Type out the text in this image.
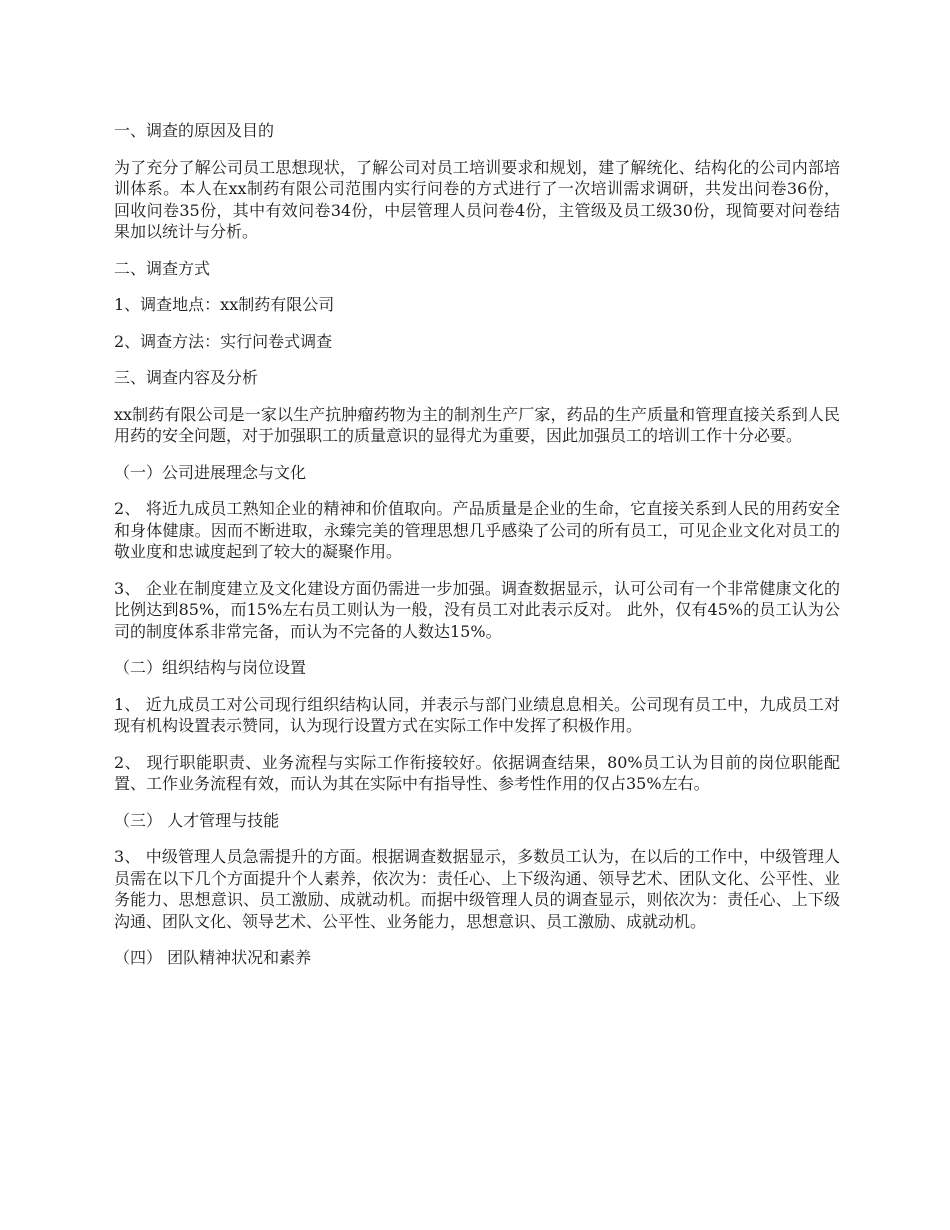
一、调查的原因及目的

为了充分了解公司员工思想现状，了解公司对员工培训要求和规划，建了解统化、结构化的公司内部培训体系。本人在xx制药有限公司范围内实行问卷的方式进行了一次培训需求调研，共发出问卷36份，回收问卷35份，其中有效问卷34份，中层管理人员问卷4份，主管级及员工级30份，现简要对问卷结果加以统计与分析。

二、调查方式

1、调查地点：xx制药有限公司

2、调查方法：实行问卷式调查

三、调查内容及分析

xx制药有限公司是一家以生产抗肿瘤药物为主的制剂生产厂家，药品的生产质量和管理直接关系到人民用药的安全问题，对于加强职工的质量意识的显得尤为重要，因此加强员工的培训工作十分必要。

（一）公司进展理念与文化

2、 将近九成员工熟知企业的精神和价值取向。产品质量是企业的生命，它直接关系到人民的用药安全和身体健康。因而不断进取，永臻完美的管理思想几乎感染了公司的所有员工，可见企业文化对员工的敬业度和忠诚度起到了较大的凝聚作用。

3、 企业在制度建立及文化建设方面仍需进一步加强。调查数据显示，认可公司有一个非常健康文化的比例达到85%，而15%左右员工则认为一般，没有员工对此表示反对。 此外，仅有45%的员工认为公司的制度体系非常完备，而认为不完备的人数达15%。

（二）组织结构与岗位设置

1、 近九成员工对公司现行组织结构认同，并表示与部门业绩息息相关。公司现有员工中，九成员工对现有机构设置表示赞同，认为现行设置方式在实际工作中发挥了积极作用。

2、 现行职能职责、业务流程与实际工作衔接较好。依据调查结果，80%员工认为目前的岗位职能配置、工作业务流程有效，而认为其在实际中有指导性、参考性作用的仅占35%左右。

（三） 人才管理与技能

3、 中级管理人员急需提升的方面。根据调查数据显示，多数员工认为，在以后的工作中，中级管理人员需在以下几个方面提升个人素养，依次为：责任心、上下级沟通、领导艺术、团队文化、公平性、业务能力、思想意识、员工激励、成就动机。而据中级管理人员的调查显示，则依次为：责任心、上下级沟通、团队文化、领导艺术、公平性、业务能力，思想意识、员工激励、成就动机。

（四） 团队精神状况和素养
